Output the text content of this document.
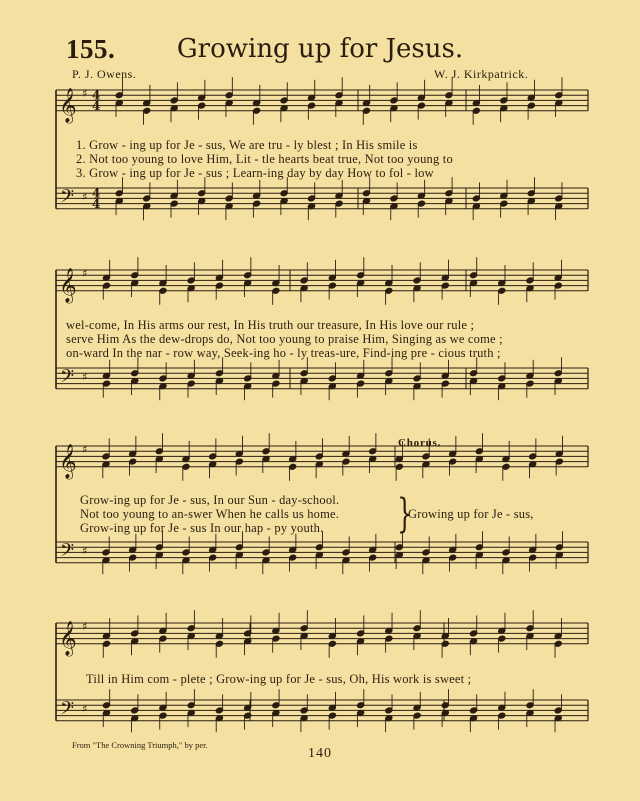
155.	Growing up for Jesus.
P. J. Owens.	W. J. Kirkpatrick.
𝄞
𝄢
♯
♯
4
4
4
4
𝄞
𝄢
♯
♯
𝄞
𝄢
♯
♯
𝄞
𝄢
♯
♯
1. Grow - ing up for Je - sus, We are tru - ly blest ; In His smile is
2. Not too young to love Him, Lit - tle hearts beat true, Not too young to
3. Grow - ing up for Je - sus ; Learn-ing day by day How to fol - low
wel-come, In His arms our rest, In His truth our treasure, In His love our rule ;
serve Him As the dew-drops do, Not too young to praise Him, Singing as we come ;
on-ward In the nar - row way, Seek-ing ho - ly treas-ure, Find-ing pre - cious truth ;
Chorus.
Grow-ing up for Je - sus, In our Sun - day-school.
Not too young to an-swer When he calls us home.
Grow-ing up for Je - sus In our hap - py youth. }
Growing up for Je - sus,
Till in Him com - plete ; Grow-ing up for Je - sus, Oh, His work is sweet ;
From "The Crowning Triumph," by per.
140
